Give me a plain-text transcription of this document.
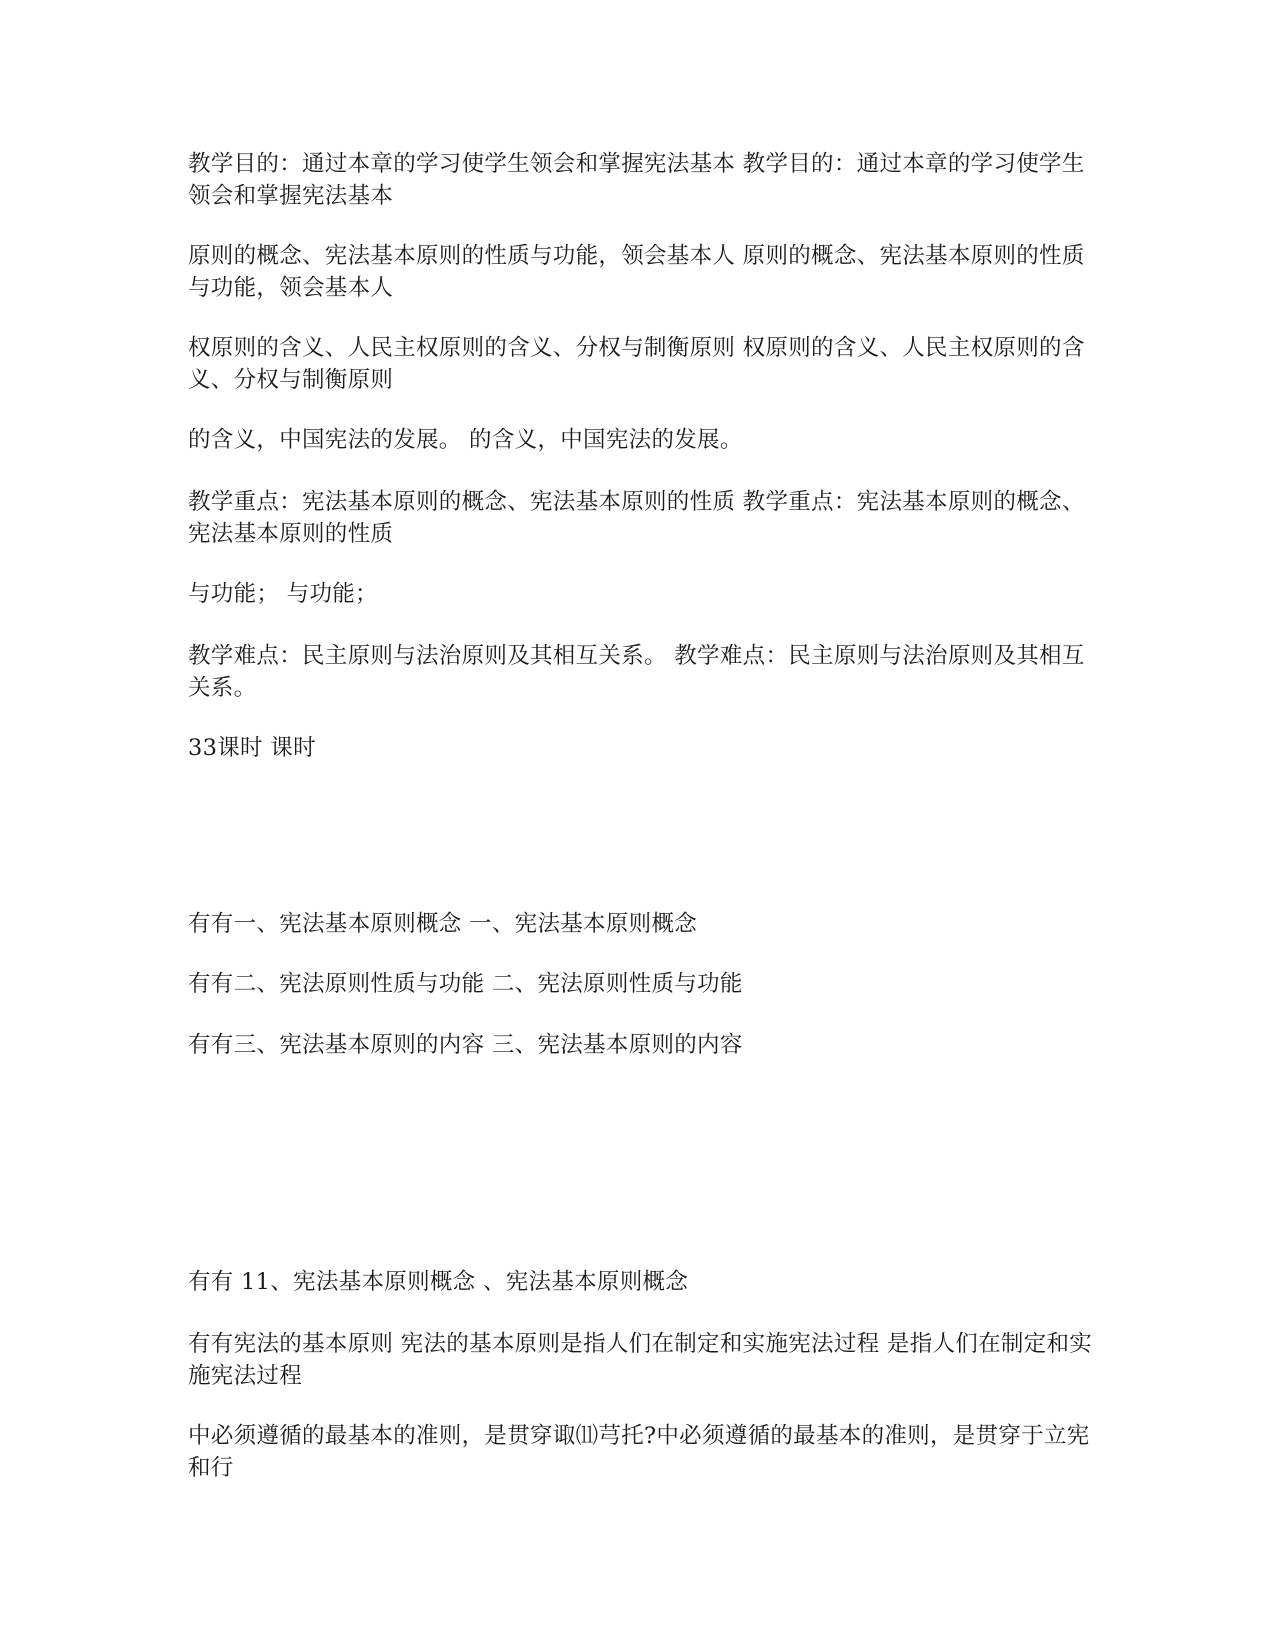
教学目的：通过本章的学习使学生领会和掌握宪法基本 教学目的：通过本章的学习使学生领会和掌握宪法基本

原则的概念、宪法基本原则的性质与功能，领会基本人 原则的概念、宪法基本原则的性质与功能，领会基本人

权原则的含义、人民主权原则的含义、分权与制衡原则 权原则的含义、人民主权原则的含义、分权与制衡原则

的含义，中国宪法的发展。 的含义，中国宪法的发展。

教学重点：宪法基本原则的概念、宪法基本原则的性质 教学重点：宪法基本原则的概念、宪法基本原则的性质

与功能； 与功能；

教学难点：民主原则与法治原则及其相互关系。 教学难点：民主原则与法治原则及其相互关系。

33课时 课时

有有一、宪法基本原则概念 一、宪法基本原则概念

有有二、宪法原则性质与功能 二、宪法原则性质与功能

有有三、宪法基本原则的内容 三、宪法基本原则的内容

有有 11、宪法基本原则概念 、宪法基本原则概念

有有宪法的基本原则 宪法的基本原则是指人们在制定和实施宪法过程 是指人们在制定和实施宪法过程

中必须遵循的最基本的准则，是贯穿诹⑾芎托?中必须遵循的最基本的准则，是贯穿于立宪和行
